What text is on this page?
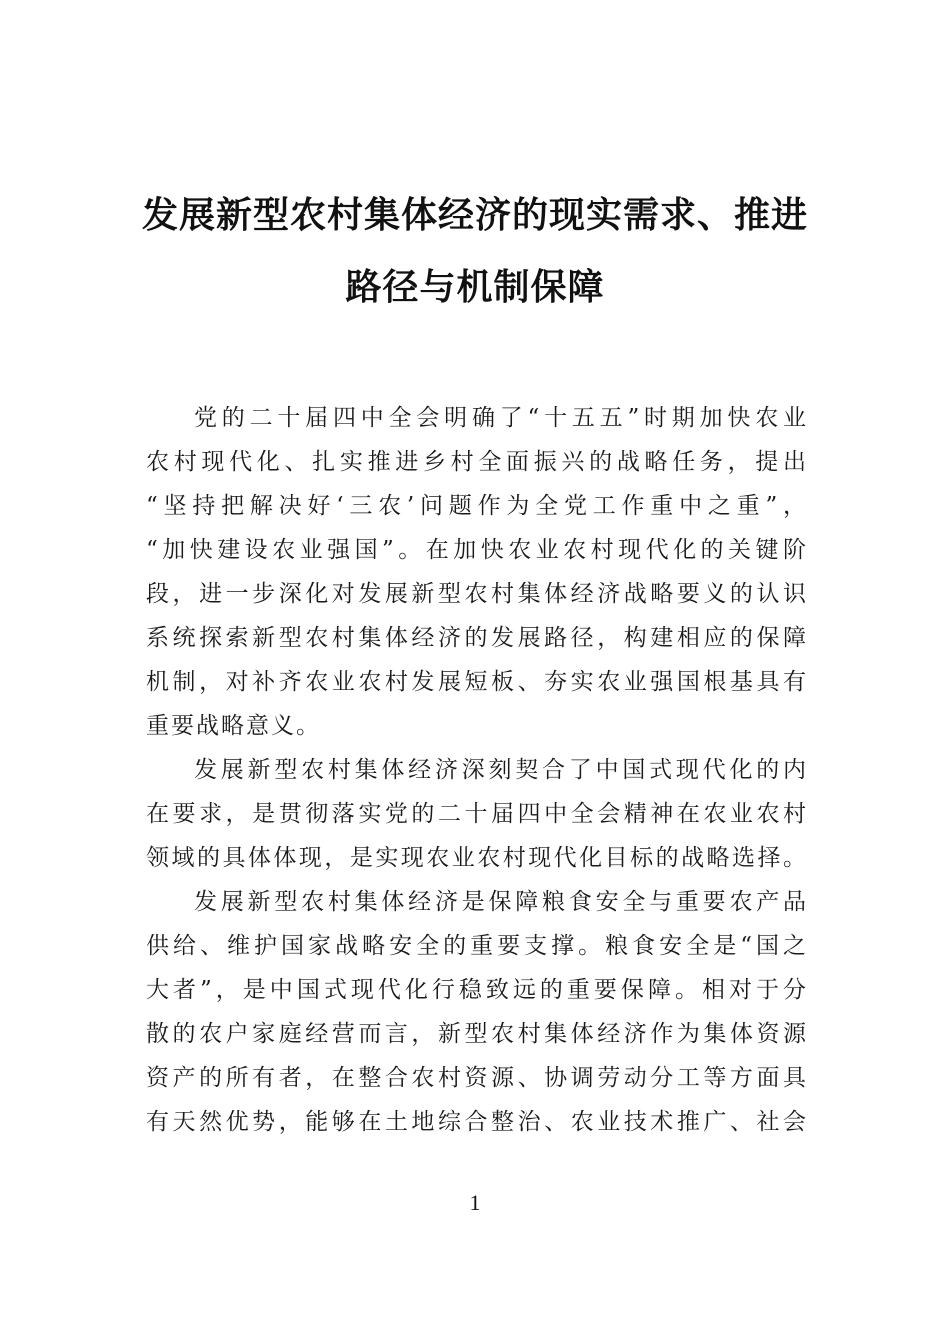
发展新型农村集体经济的现实需求、推进
路径与机制保障
党的二十届四中全会明确了“十五五”时期加快农业
农村现代化、扎实推进乡村全面振兴的战略任务，提出
“坚持把解决好‘三农’问题作为全党工作重中之重”，
“加快建设农业强国”。在加快农业农村现代化的关键阶
段，进一步深化对发展新型农村集体经济战略要义的认识
系统探索新型农村集体经济的发展路径，构建相应的保障
机制，对补齐农业农村发展短板、夯实农业强国根基具有
重要战略意义。
发展新型农村集体经济深刻契合了中国式现代化的内
在要求，是贯彻落实党的二十届四中全会精神在农业农村
领域的具体体现，是实现农业农村现代化目标的战略选择。
发展新型农村集体经济是保障粮食安全与重要农产品
供给、维护国家战略安全的重要支撑。粮食安全是“国之
大者”，是中国式现代化行稳致远的重要保障。相对于分
散的农户家庭经营而言，新型农村集体经济作为集体资源
资产的所有者，在整合农村资源、协调劳动分工等方面具
有天然优势，能够在土地综合整治、农业技术推广、社会
1
